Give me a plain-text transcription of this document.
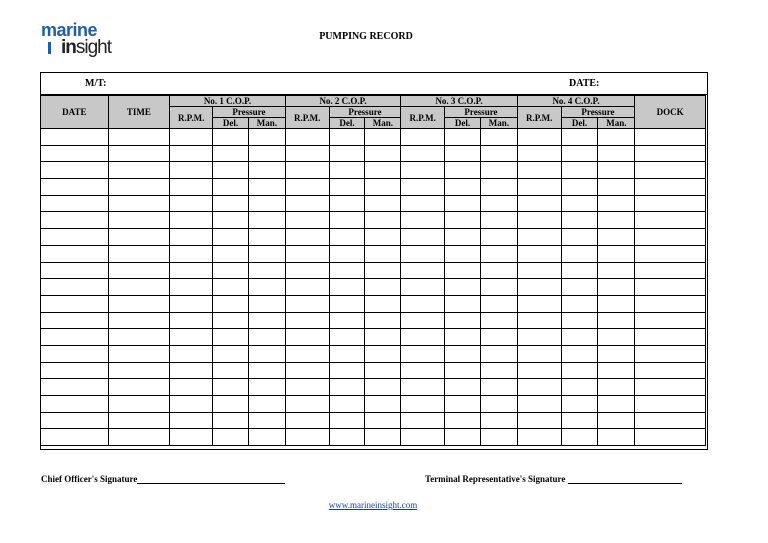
marine
insight
PUMPING RECORD
M/T:	DATE:
DATE	TIME	No. 1 C.O.P.			No. 2 C.O.P.			No. 3 C.O.P.			No. 4 C.O.P.			DOCK
		R.P.M.	Pressure		R.P.M.	Pressure		R.P.M.	Pressure		R.P.M.	Pressure		
			Del.	Man.		Del.	Man.		Del.	Man.		Del.	Man.	

Chief Officer's Signature	Terminal Representative's Signature
www.marineinsight.com
